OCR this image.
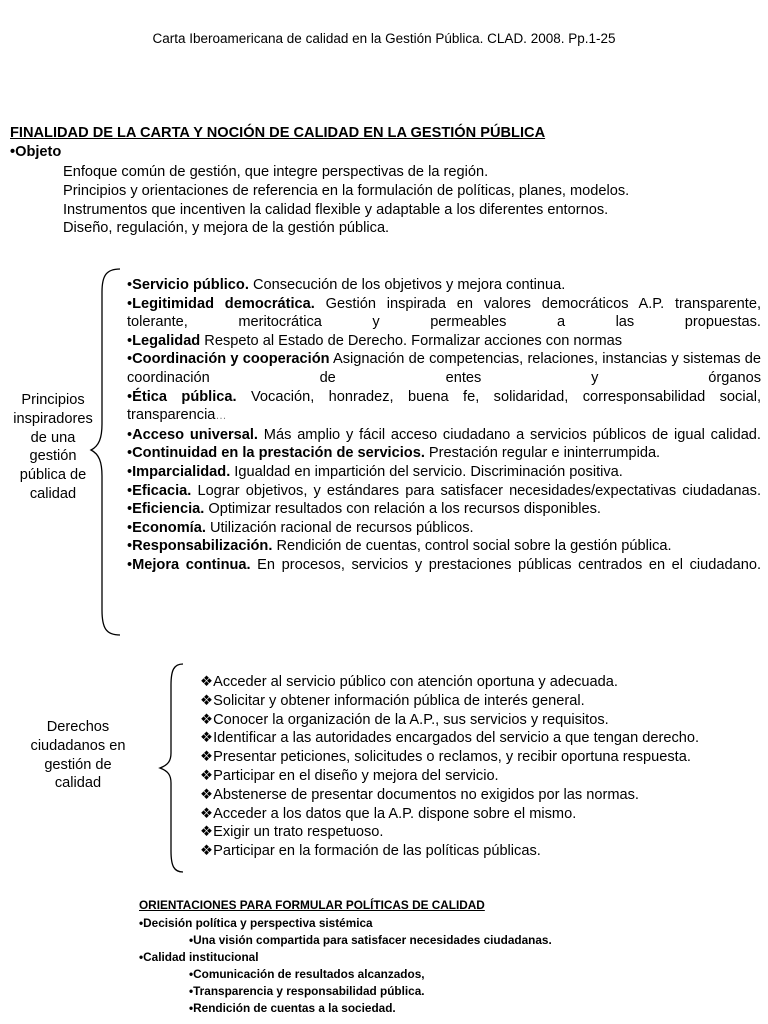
Carta Iberoamericana de calidad en la Gestión Pública. CLAD. 2008. Pp.1-25
FINALIDAD DE LA CARTA Y NOCIÓN DE CALIDAD EN LA GESTIÓN PÚBLICA
•Objeto
Enfoque común de gestión, que integre perspectivas de la región.
Principios y orientaciones de referencia en la formulación de políticas, planes, modelos.
Instrumentos que incentiven la calidad flexible y adaptable a los diferentes entornos.
Diseño, regulación, y mejora de la gestión pública.
Principios inspiradores de una gestión pública de calidad
•Servicio público. Consecución de los objetivos y mejora continua.
•Legitimidad democrática. Gestión inspirada en valores democráticos A.P. transparente, tolerante, meritocrática y permeables a las propuestas.
•Legalidad Respeto al Estado de Derecho. Formalizar acciones con normas
•Coordinación y cooperación Asignación de competencias, relaciones, instancias y sistemas de coordinación de entes y órganos
•Ética pública. Vocación, honradez, buena fe, solidaridad, corresponsabilidad social, transparencia…
•Acceso universal. Más amplio y fácil acceso ciudadano a servicios públicos de igual calidad.
•Continuidad en la prestación de servicios. Prestación regular e ininterrumpida.
•Imparcialidad. Igualdad en impartición del servicio. Discriminación positiva.
•Eficacia. Lograr objetivos, y estándares para satisfacer necesidades/expectativas ciudadanas.
•Eficiencia. Optimizar resultados con relación a los recursos disponibles.
•Economía. Utilización racional de recursos públicos.
•Responsabilización. Rendición de cuentas, control social sobre la gestión pública.
•Mejora continua. En procesos, servicios y prestaciones públicas centrados en el ciudadano.
Derechos ciudadanos en gestión de calidad
❖Acceder al servicio público con atención oportuna y adecuada.
❖Solicitar y obtener información pública de interés general.
❖Conocer la organización de la A.P., sus servicios y requisitos.
❖Identificar a las autoridades encargados del servicio a que tengan derecho.
❖Presentar peticiones, solicitudes o reclamos, y recibir oportuna respuesta.
❖Participar en el diseño y mejora del servicio.
❖Abstenerse de presentar documentos no exigidos por las normas.
❖Acceder a los datos que la A.P. dispone sobre el mismo.
❖Exigir un trato respetuoso.
❖Participar en la formación de las políticas públicas.
ORIENTACIONES PARA FORMULAR POLÍTICAS DE CALIDAD
•Decisión política y perspectiva sistémica
•Una visión compartida para satisfacer necesidades ciudadanas.
•Calidad institucional
•Comunicación de resultados alcanzados,
•Transparencia y responsabilidad pública.
•Rendición de cuentas a la sociedad.
